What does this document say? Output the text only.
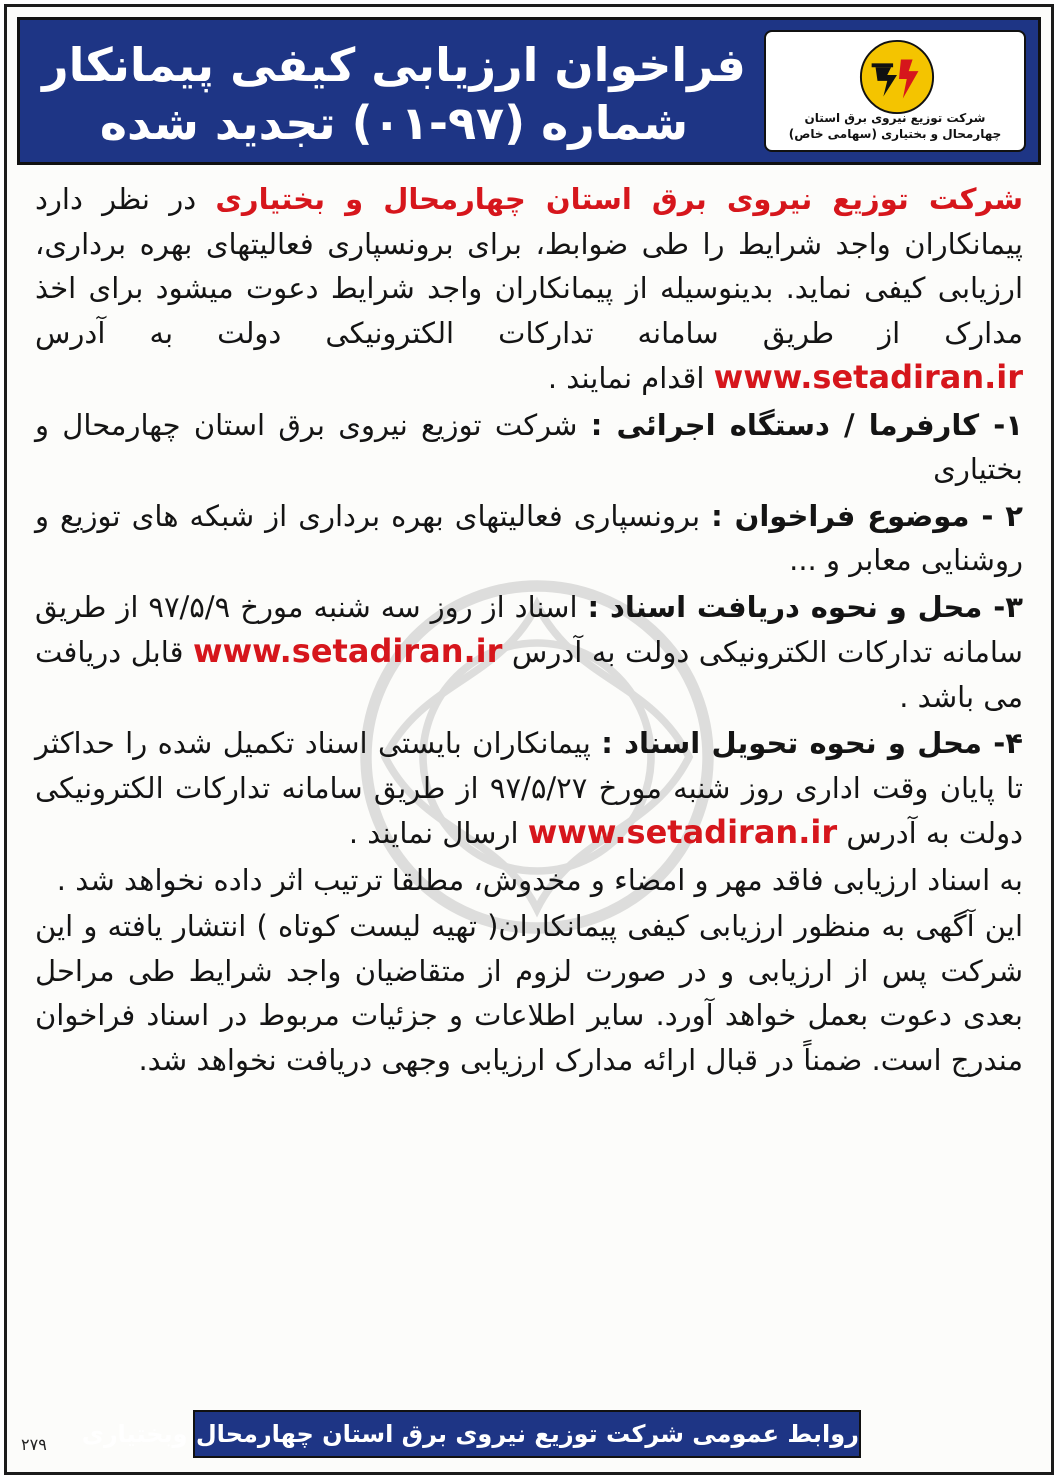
فراخوان ارزیابی کیفی پیمانکار
شماره (۹۷-۰۱) تجدید شده	شرکت توزیع نیروی برق استان
چهارمحال و بختیاری (سهامی خاص)

شرکت توزیع نیروی برق استان چهارمحال و بختیاری در نظر دارد پیمانکاران واجد شرایط را طی ضوابط، برای برونسپاری فعالیتهای بهره برداری، ارزیابی کیفی نماید. بدینوسیله از پیمانکاران واجد شرایط دعوت میشود برای اخذ مدارک از طریق سامانه تدارکات الکترونیکی دولت به آدرس www.setadiran.ir اقدام نمایند .

۱- کارفرما / دستگاه اجرائی : شرکت توزیع نیروی برق استان چهارمحال و بختیاری

۲ - موضوع فراخوان : برونسپاری فعالیتهای بهره برداری از شبکه های توزیع و روشنایی معابر و ...

۳- محل و نحوه دریافت اسناد : اسناد از روز سه شنبه مورخ ۹۷/۵/۹ از طریق سامانه تدارکات الکترونیکی دولت به آدرس www.setadiran.ir قابل دریافت می باشد .

۴- محل و نحوه تحویل اسناد : پیمانکاران بایستی اسناد تکمیل شده را حداکثر تا پایان وقت اداری روز شنبه مورخ ۹۷/۵/۲۷ از طریق سامانه تدارکات الکترونیکی دولت به آدرس www.setadiran.ir ارسال نمایند .

به اسناد ارزیابی فاقد مهر و امضاء و مخدوش، مطلقا ترتیب اثر داده نخواهد شد .

این آگهی به منظور ارزیابی کیفی پیمانکاران( تهیه لیست کوتاه ) انتشار یافته و این شرکت پس از ارزیابی و در صورت لزوم از متقاضیان واجد شرایط طی مراحل بعدی دعوت بعمل خواهد آورد. سایر اطلاعات و جزئیات مربوط در اسناد فراخوان مندرج است. ضمناً در قبال ارائه مدارک ارزیابی وجهی دریافت نخواهد شد.

روابط عمومی شرکت توزیع نیروی برق استان چهارمحال وبختیاری
۲۷۹
